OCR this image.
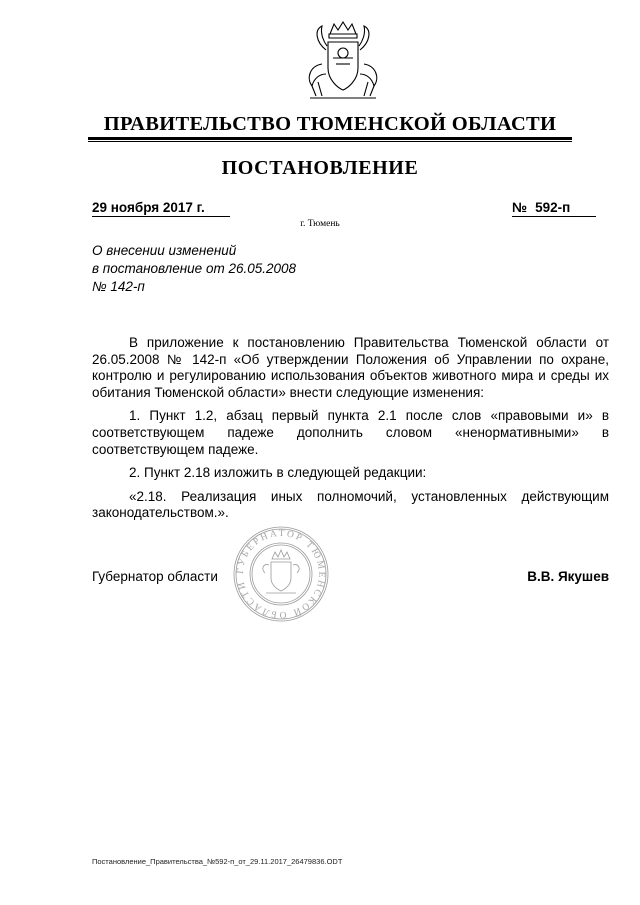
ПРАВИТЕЛЬСТВО ТЮМЕНСКОЙ ОБЛАСТИ
ПОСТАНОВЛЕНИЕ
29 ноября 2017 г.	№ 592-п
г. Тюмень
О внесении изменений
в постановление от 26.05.2008
№ 142-п

В приложение к постановлению Правительства Тюменской области от 26.05.2008 № 142-п «Об утверждении Положения об Управлении по охране, контролю и регулированию использования объектов животного мира и среды их обитания Тюменской области» внести следующие изменения:

1. Пункт 1.2, абзац первый пункта 2.1 после слов «правовыми и» в соответствующем падеже дополнить словом «ненормативными» в соответствующем падеже.

2. Пункт 2.18 изложить в следующей редакции:

«2.18. Реализация иных полномочий, установленных действующим законодательством.».

ГУБЕРНАТОР ТЮМЕНСКОЙ ОБЛАСТИ
Губернатор области	В.В. Якушев
Постановление_Правительства_№592-п_от_29.11.2017_26479836.ODT
